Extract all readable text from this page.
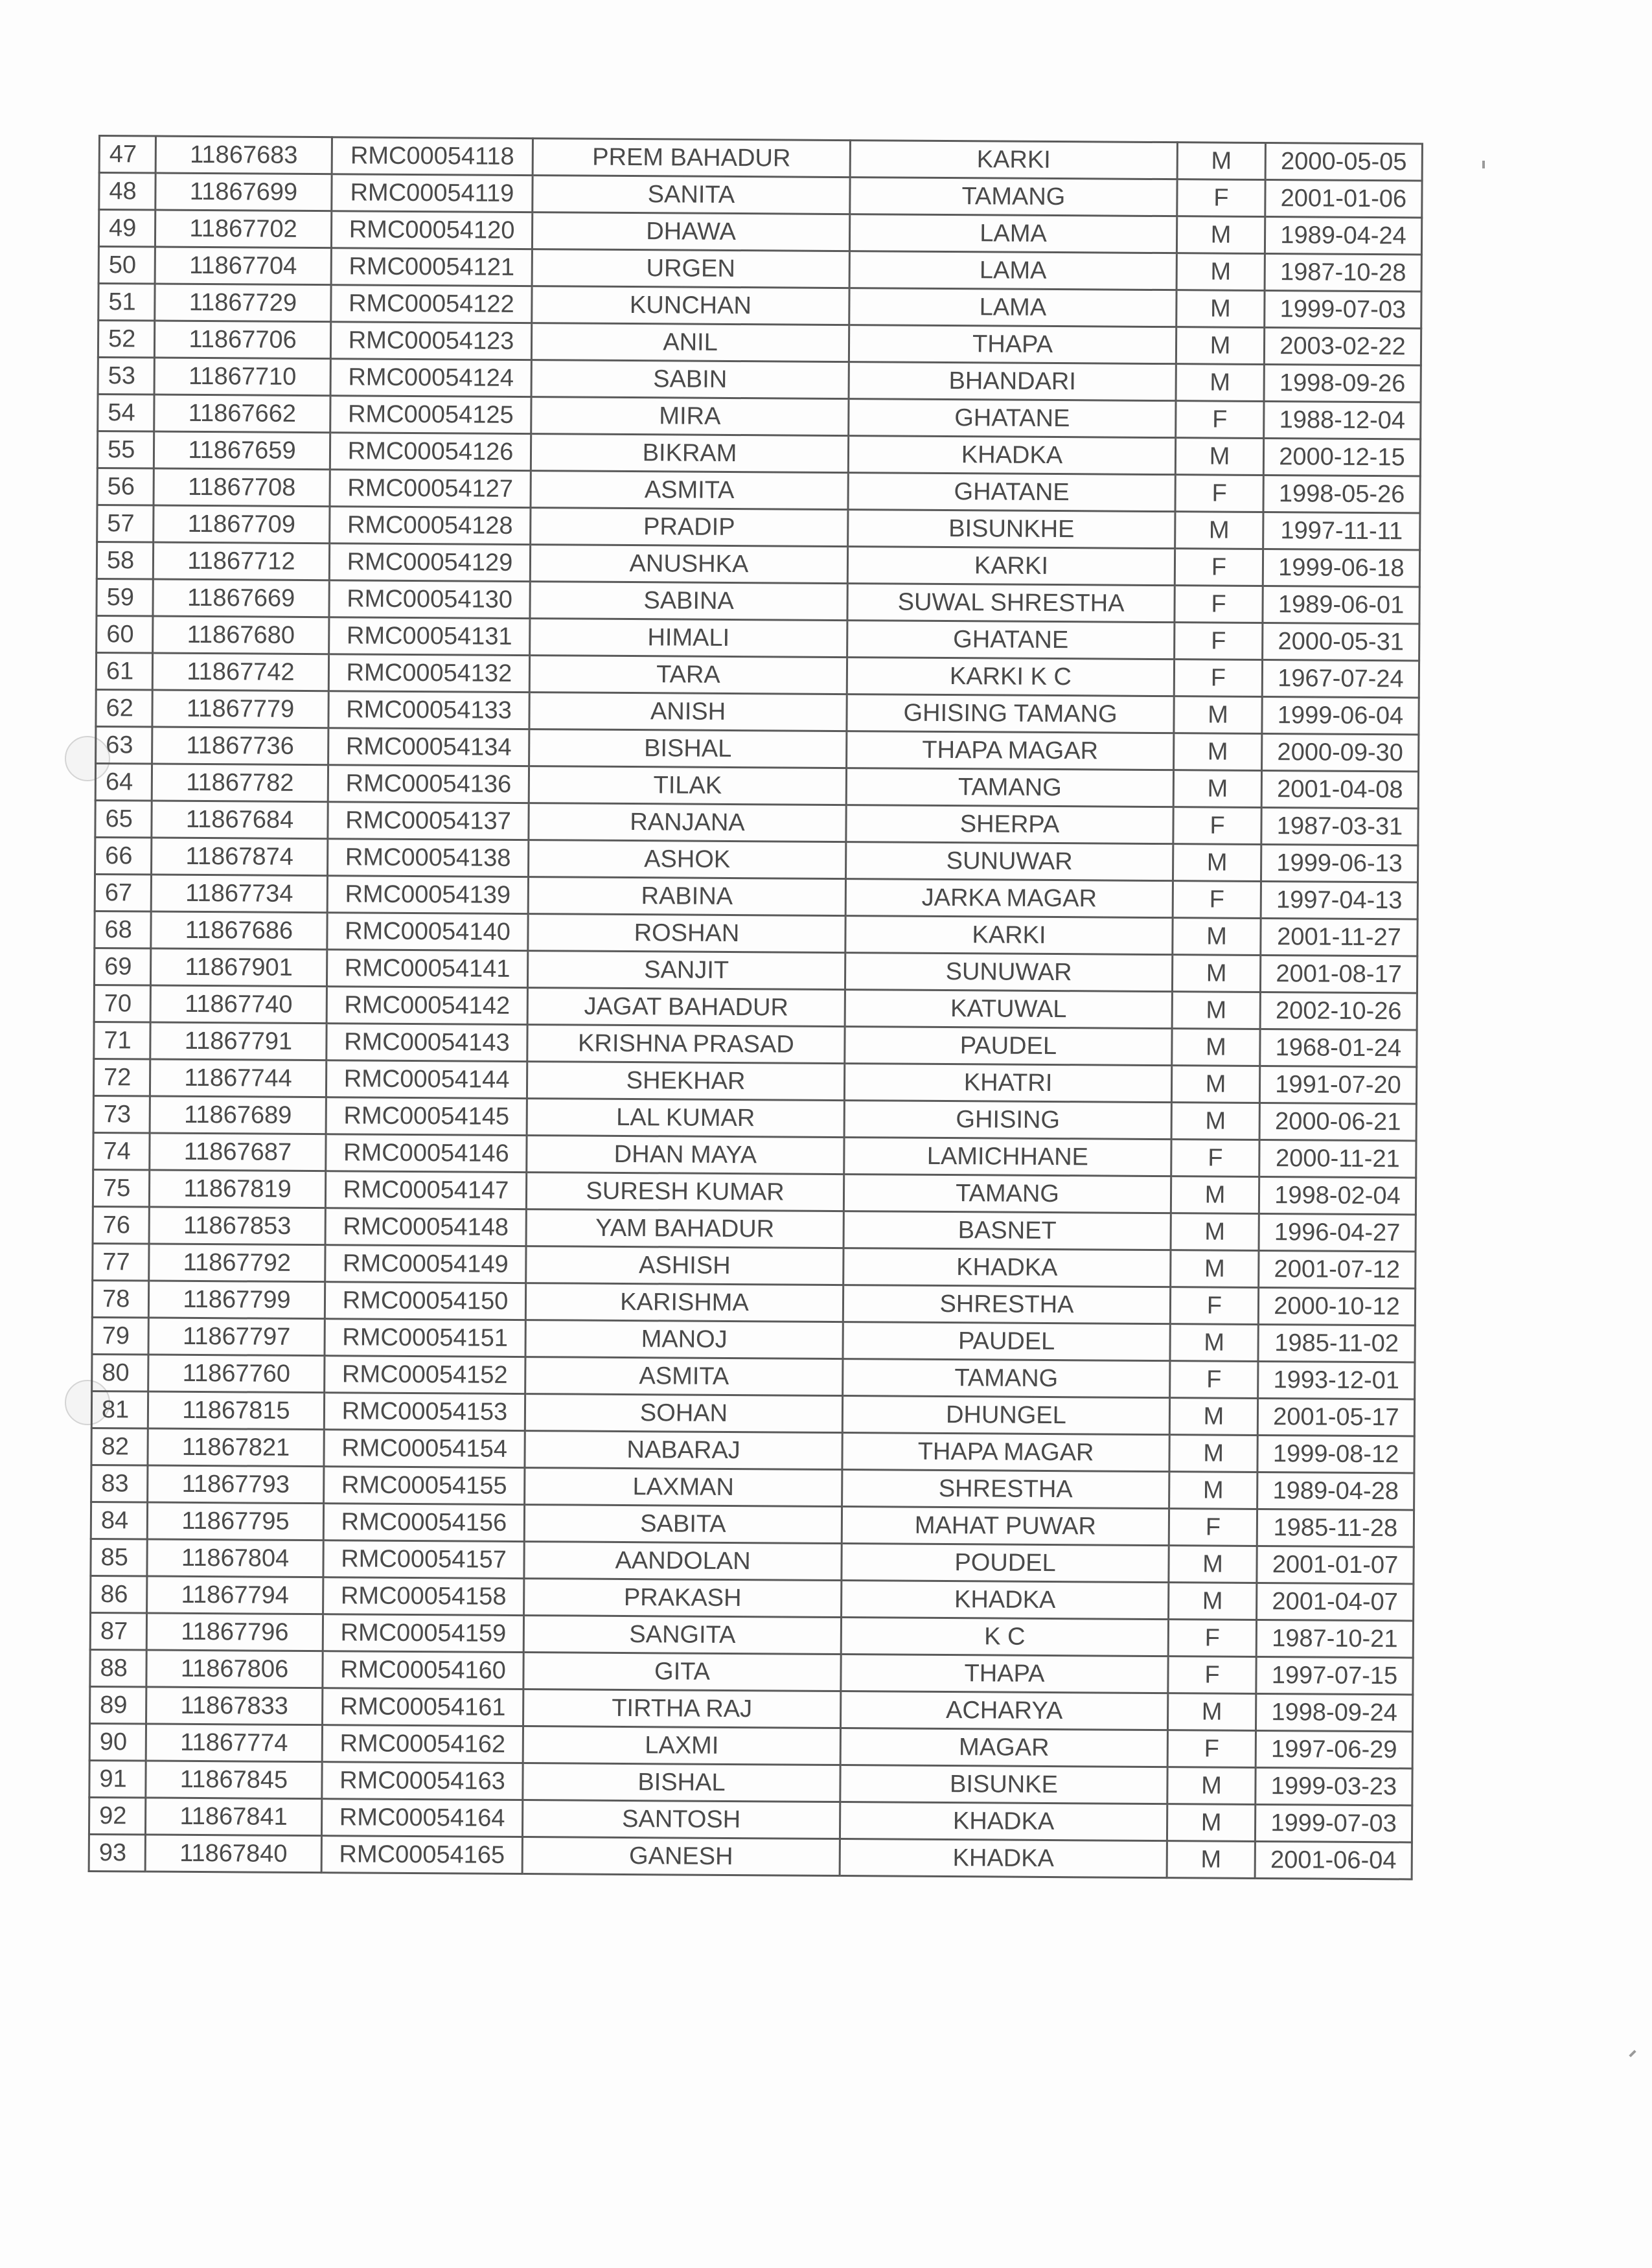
47	11867683	RMC00054118	PREM BAHADUR	KARKI	M	2000-05-05
48	11867699	RMC00054119	SANITA	TAMANG	F	2001-01-06
49	11867702	RMC00054120	DHAWA	LAMA	M	1989-04-24
50	11867704	RMC00054121	URGEN	LAMA	M	1987-10-28
51	11867729	RMC00054122	KUNCHAN	LAMA	M	1999-07-03
52	11867706	RMC00054123	ANIL	THAPA	M	2003-02-22
53	11867710	RMC00054124	SABIN	BHANDARI	M	1998-09-26
54	11867662	RMC00054125	MIRA	GHATANE	F	1988-12-04
55	11867659	RMC00054126	BIKRAM	KHADKA	M	2000-12-15
56	11867708	RMC00054127	ASMITA	GHATANE	F	1998-05-26
57	11867709	RMC00054128	PRADIP	BISUNKHE	M	1997-11-11
58	11867712	RMC00054129	ANUSHKA	KARKI	F	1999-06-18
59	11867669	RMC00054130	SABINA	SUWAL SHRESTHA	F	1989-06-01
60	11867680	RMC00054131	HIMALI	GHATANE	F	2000-05-31
61	11867742	RMC00054132	TARA	KARKI K C	F	1967-07-24
62	11867779	RMC00054133	ANISH	GHISING TAMANG	M	1999-06-04
63	11867736	RMC00054134	BISHAL	THAPA MAGAR	M	2000-09-30
64	11867782	RMC00054136	TILAK	TAMANG	M	2001-04-08
65	11867684	RMC00054137	RANJANA	SHERPA	F	1987-03-31
66	11867874	RMC00054138	ASHOK	SUNUWAR	M	1999-06-13
67	11867734	RMC00054139	RABINA	JARKA MAGAR	F	1997-04-13
68	11867686	RMC00054140	ROSHAN	KARKI	M	2001-11-27
69	11867901	RMC00054141	SANJIT	SUNUWAR	M	2001-08-17
70	11867740	RMC00054142	JAGAT BAHADUR	KATUWAL	M	2002-10-26
71	11867791	RMC00054143	KRISHNA PRASAD	PAUDEL	M	1968-01-24
72	11867744	RMC00054144	SHEKHAR	KHATRI	M	1991-07-20
73	11867689	RMC00054145	LAL KUMAR	GHISING	M	2000-06-21
74	11867687	RMC00054146	DHAN MAYA	LAMICHHANE	F	2000-11-21
75	11867819	RMC00054147	SURESH KUMAR	TAMANG	M	1998-02-04
76	11867853	RMC00054148	YAM BAHADUR	BASNET	M	1996-04-27
77	11867792	RMC00054149	ASHISH	KHADKA	M	2001-07-12
78	11867799	RMC00054150	KARISHMA	SHRESTHA	F	2000-10-12
79	11867797	RMC00054151	MANOJ	PAUDEL	M	1985-11-02
80	11867760	RMC00054152	ASMITA	TAMANG	F	1993-12-01
81	11867815	RMC00054153	SOHAN	DHUNGEL	M	2001-05-17
82	11867821	RMC00054154	NABARAJ	THAPA MAGAR	M	1999-08-12
83	11867793	RMC00054155	LAXMAN	SHRESTHA	M	1989-04-28
84	11867795	RMC00054156	SABITA	MAHAT PUWAR	F	1985-11-28
85	11867804	RMC00054157	AANDOLAN	POUDEL	M	2001-01-07
86	11867794	RMC00054158	PRAKASH	KHADKA	M	2001-04-07
87	11867796	RMC00054159	SANGITA	K C	F	1987-10-21
88	11867806	RMC00054160	GITA	THAPA	F	1997-07-15
89	11867833	RMC00054161	TIRTHA RAJ	ACHARYA	M	1998-09-24
90	11867774	RMC00054162	LAXMI	MAGAR	F	1997-06-29
91	11867845	RMC00054163	BISHAL	BISUNKE	M	1999-03-23
92	11867841	RMC00054164	SANTOSH	KHADKA	M	1999-07-03
93	11867840	RMC00054165	GANESH	KHADKA	M	2001-06-04
